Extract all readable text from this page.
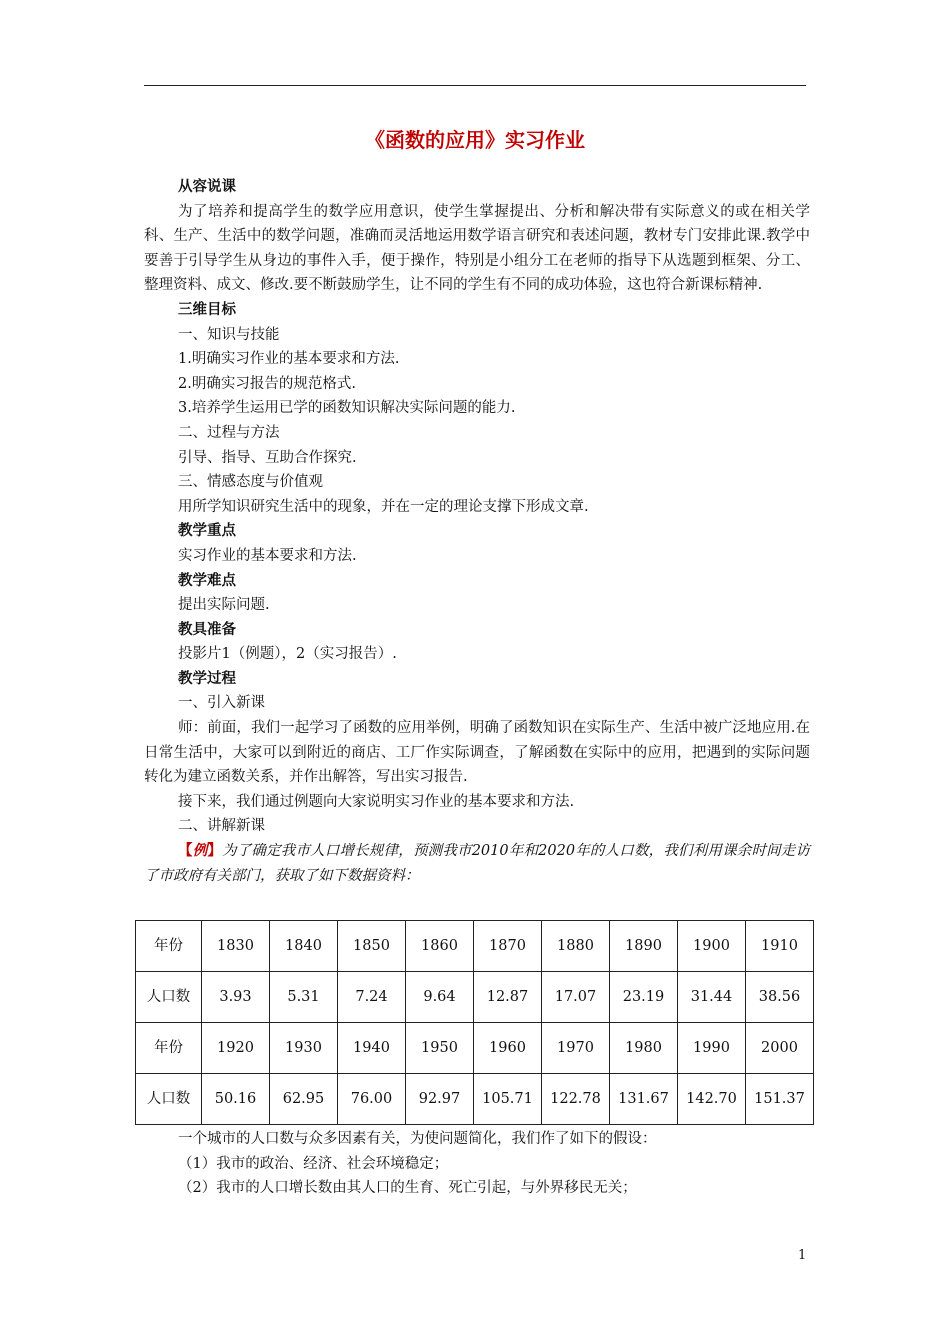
《函数的应用》实习作业

从容说课

为了培养和提高学生的数学应用意识，使学生掌握提出、分析和解决带有实际意义的或在相关学科、生产、生活中的数学问题，准确而灵活地运用数学语言研究和表述问题，教材专门安排此课.教学中要善于引导学生从身边的事件入手，便于操作，特别是小组分工在老师的指导下从选题到框架、分工、整理资料、成文、修改.要不断鼓励学生，让不同的学生有不同的成功体验，这也符合新课标精神.

三维目标

一、知识与技能

1.明确实习作业的基本要求和方法.

2.明确实习报告的规范格式.

3.培养学生运用已学的函数知识解决实际问题的能力.

二、过程与方法

引导、指导、互助合作探究.

三、情感态度与价值观

用所学知识研究生活中的现象，并在一定的理论支撑下形成文章.

教学重点

实习作业的基本要求和方法.

教学难点

提出实际问题.

教具准备

投影片1（例题），2（实习报告）.

教学过程

一、引入新课

师：前面，我们一起学习了函数的应用举例，明确了函数知识在实际生产、生活中被广泛地应用.在日常生活中，大家可以到附近的商店、工厂作实际调查，了解函数在实际中的应用，把遇到的实际问题转化为建立函数关系，并作出解答，写出实习报告.

接下来，我们通过例题向大家说明实习作业的基本要求和方法.

二、讲解新课

【例】为了确定我市人口增长规律，预测我市2010年和2020年的人口数，我们利用课余时间走访了市政府有关部门，获取了如下数据资料：

年份	1830	1840	1850	1860	1870	1880	1890	1900	1910
人口数	3.93	5.31	7.24	9.64	12.87	17.07	23.19	31.44	38.56
年份	1920	1930	1940	1950	1960	1970	1980	1990	2000
人口数	50.16	62.95	76.00	92.97	105.71	122.78	131.67	142.70	151.37

一个城市的人口数与众多因素有关，为使问题简化，我们作了如下的假设：

（1）我市的政治、经济、社会环境稳定；

（2）我市的人口增长数由其人口的生育、死亡引起，与外界移民无关；

1
